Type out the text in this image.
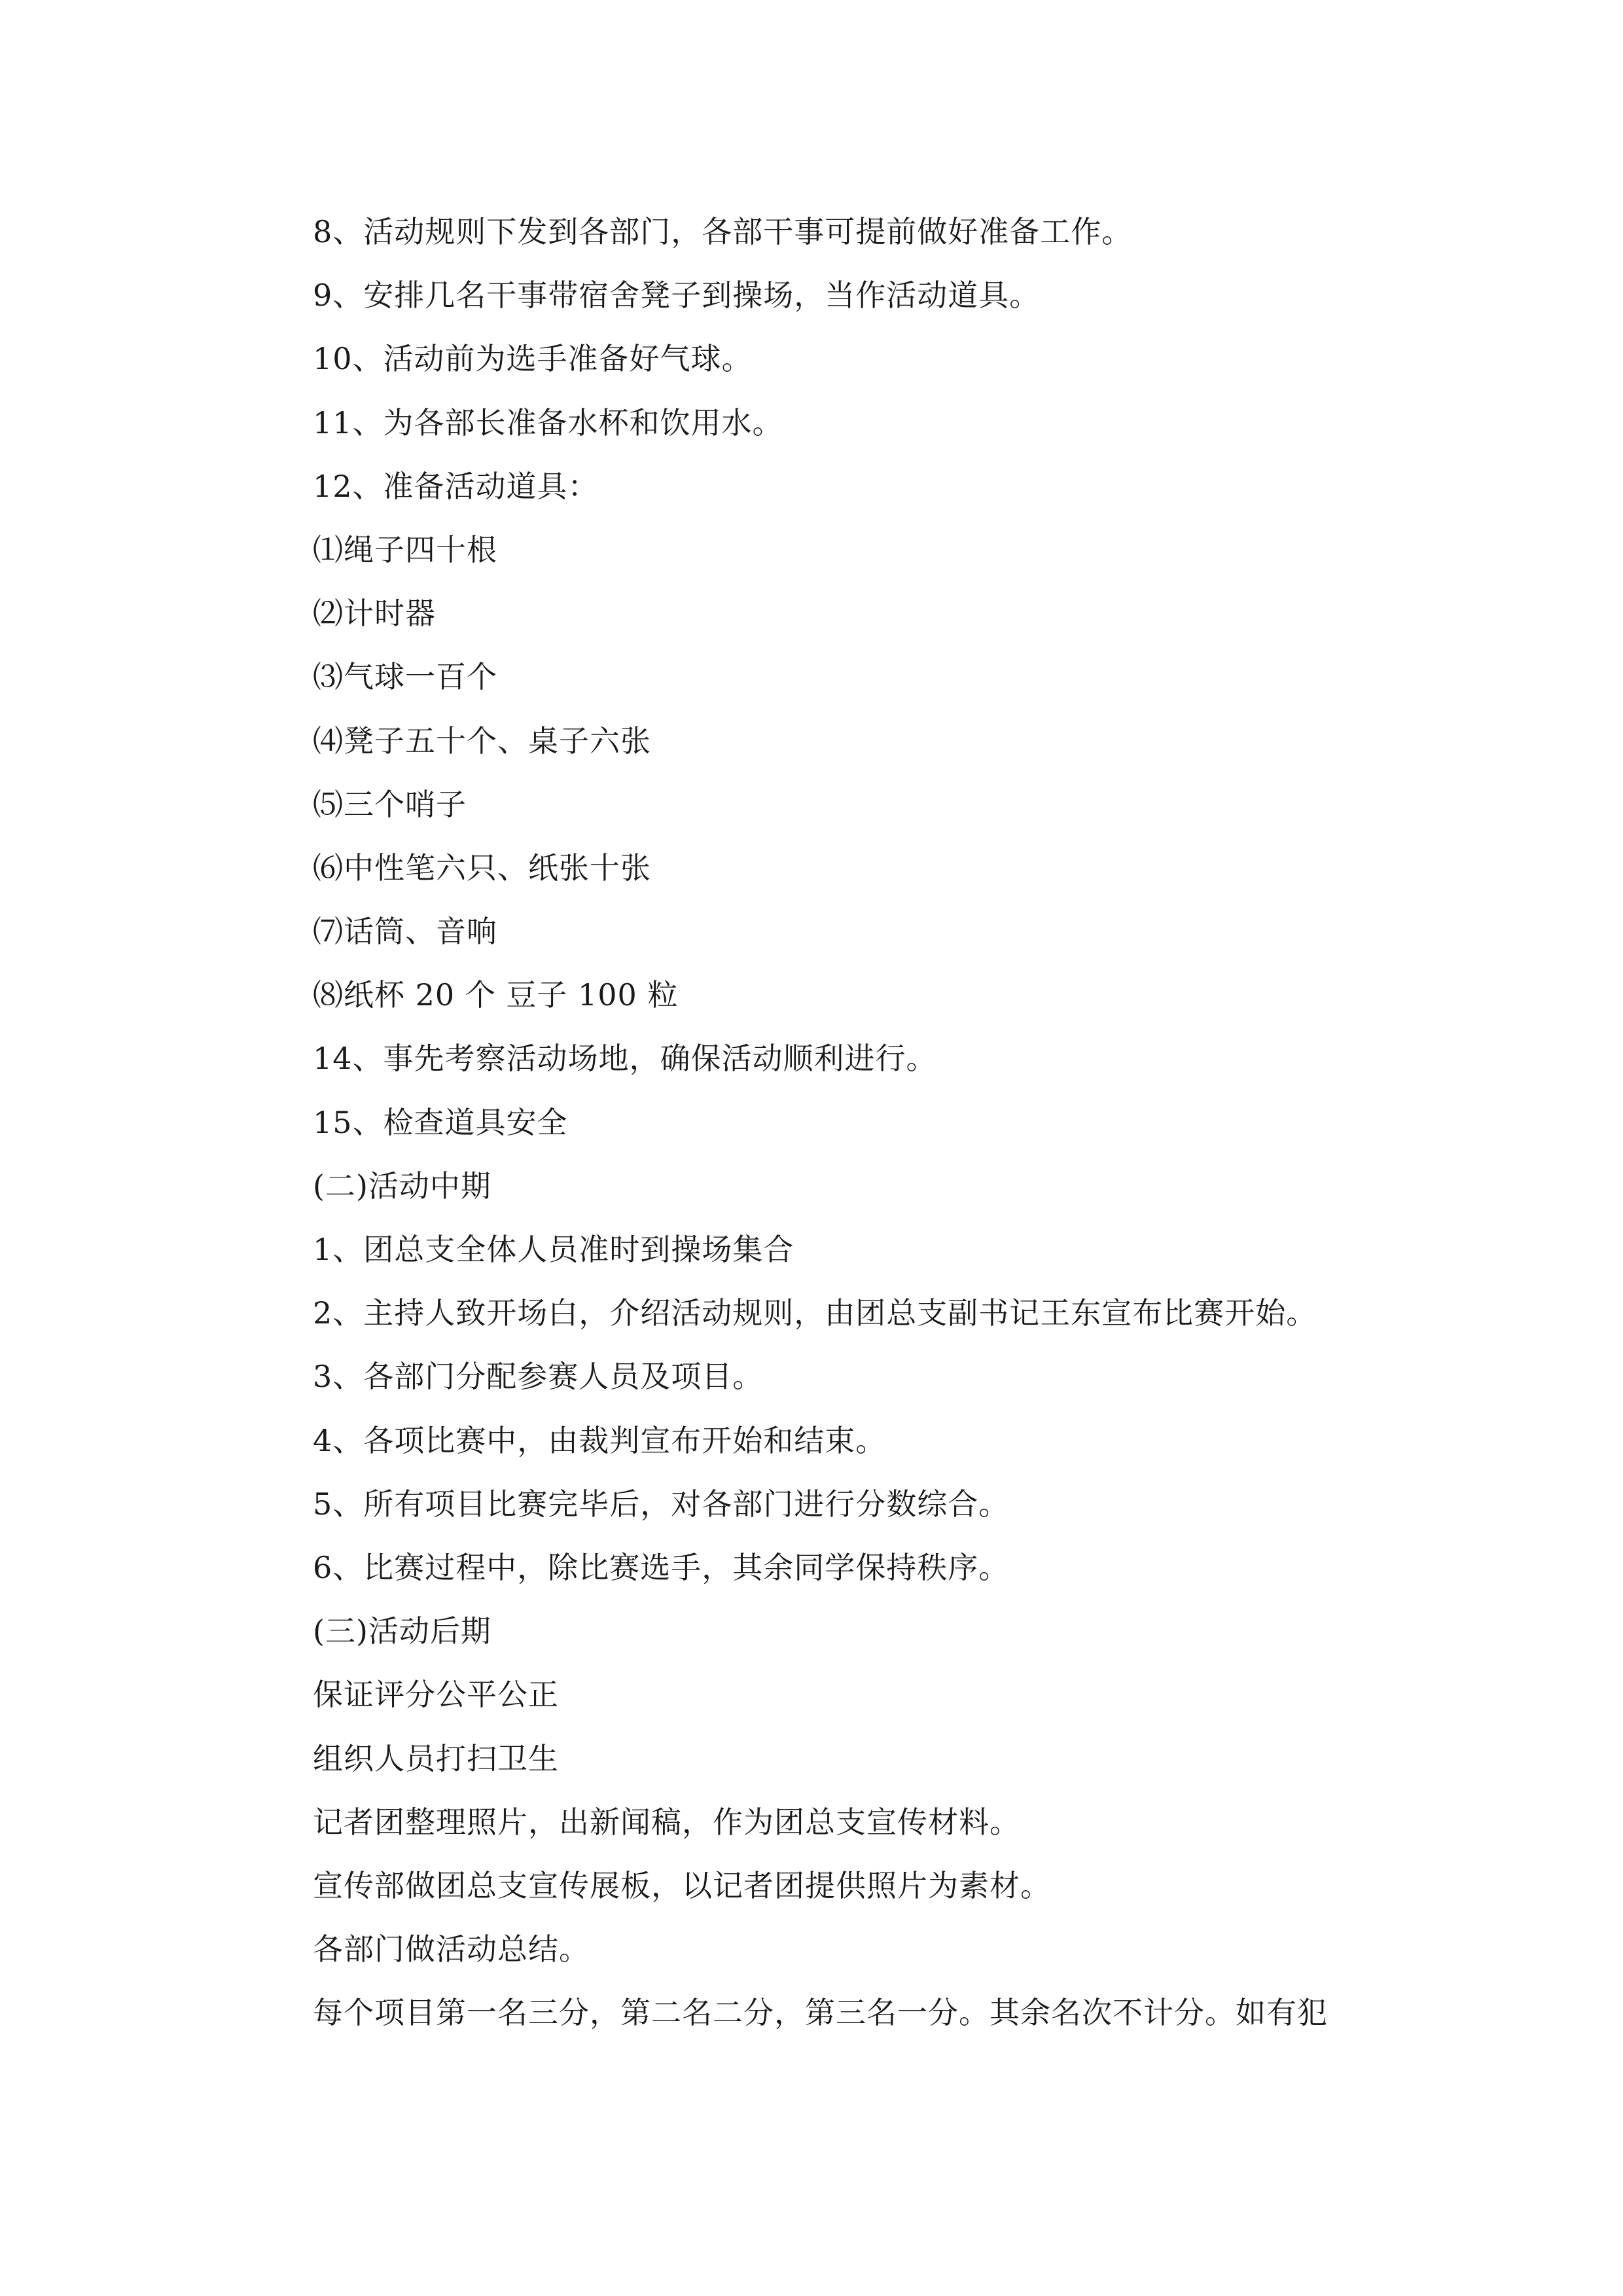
8、活动规则下发到各部门，各部干事可提前做好准备工作。
9、安排几名干事带宿舍凳子到操场，当作活动道具。
10、活动前为选手准备好气球。
11、为各部长准备水杯和饮用水。
12、准备活动道具：
⑴绳子四十根
⑵计时器
⑶气球一百个
⑷凳子五十个、桌子六张
⑸三个哨子
⑹中性笔六只、纸张十张
⑺话筒、音响
⑻纸杯 20 个 豆子 100 粒
14、事先考察活动场地，确保活动顺利进行。
15、检查道具安全
(二)活动中期
1、团总支全体人员准时到操场集合
2、主持人致开场白，介绍活动规则，由团总支副书记王东宣布比赛开始。
3、各部门分配参赛人员及项目。
4、各项比赛中，由裁判宣布开始和结束。
5、所有项目比赛完毕后，对各部门进行分数综合。
6、比赛过程中，除比赛选手，其余同学保持秩序。
(三)活动后期
保证评分公平公正
组织人员打扫卫生
记者团整理照片，出新闻稿，作为团总支宣传材料。
宣传部做团总支宣传展板，以记者团提供照片为素材。
各部门做活动总结。
每个项目第一名三分，第二名二分，第三名一分。其余名次不计分。如有犯
